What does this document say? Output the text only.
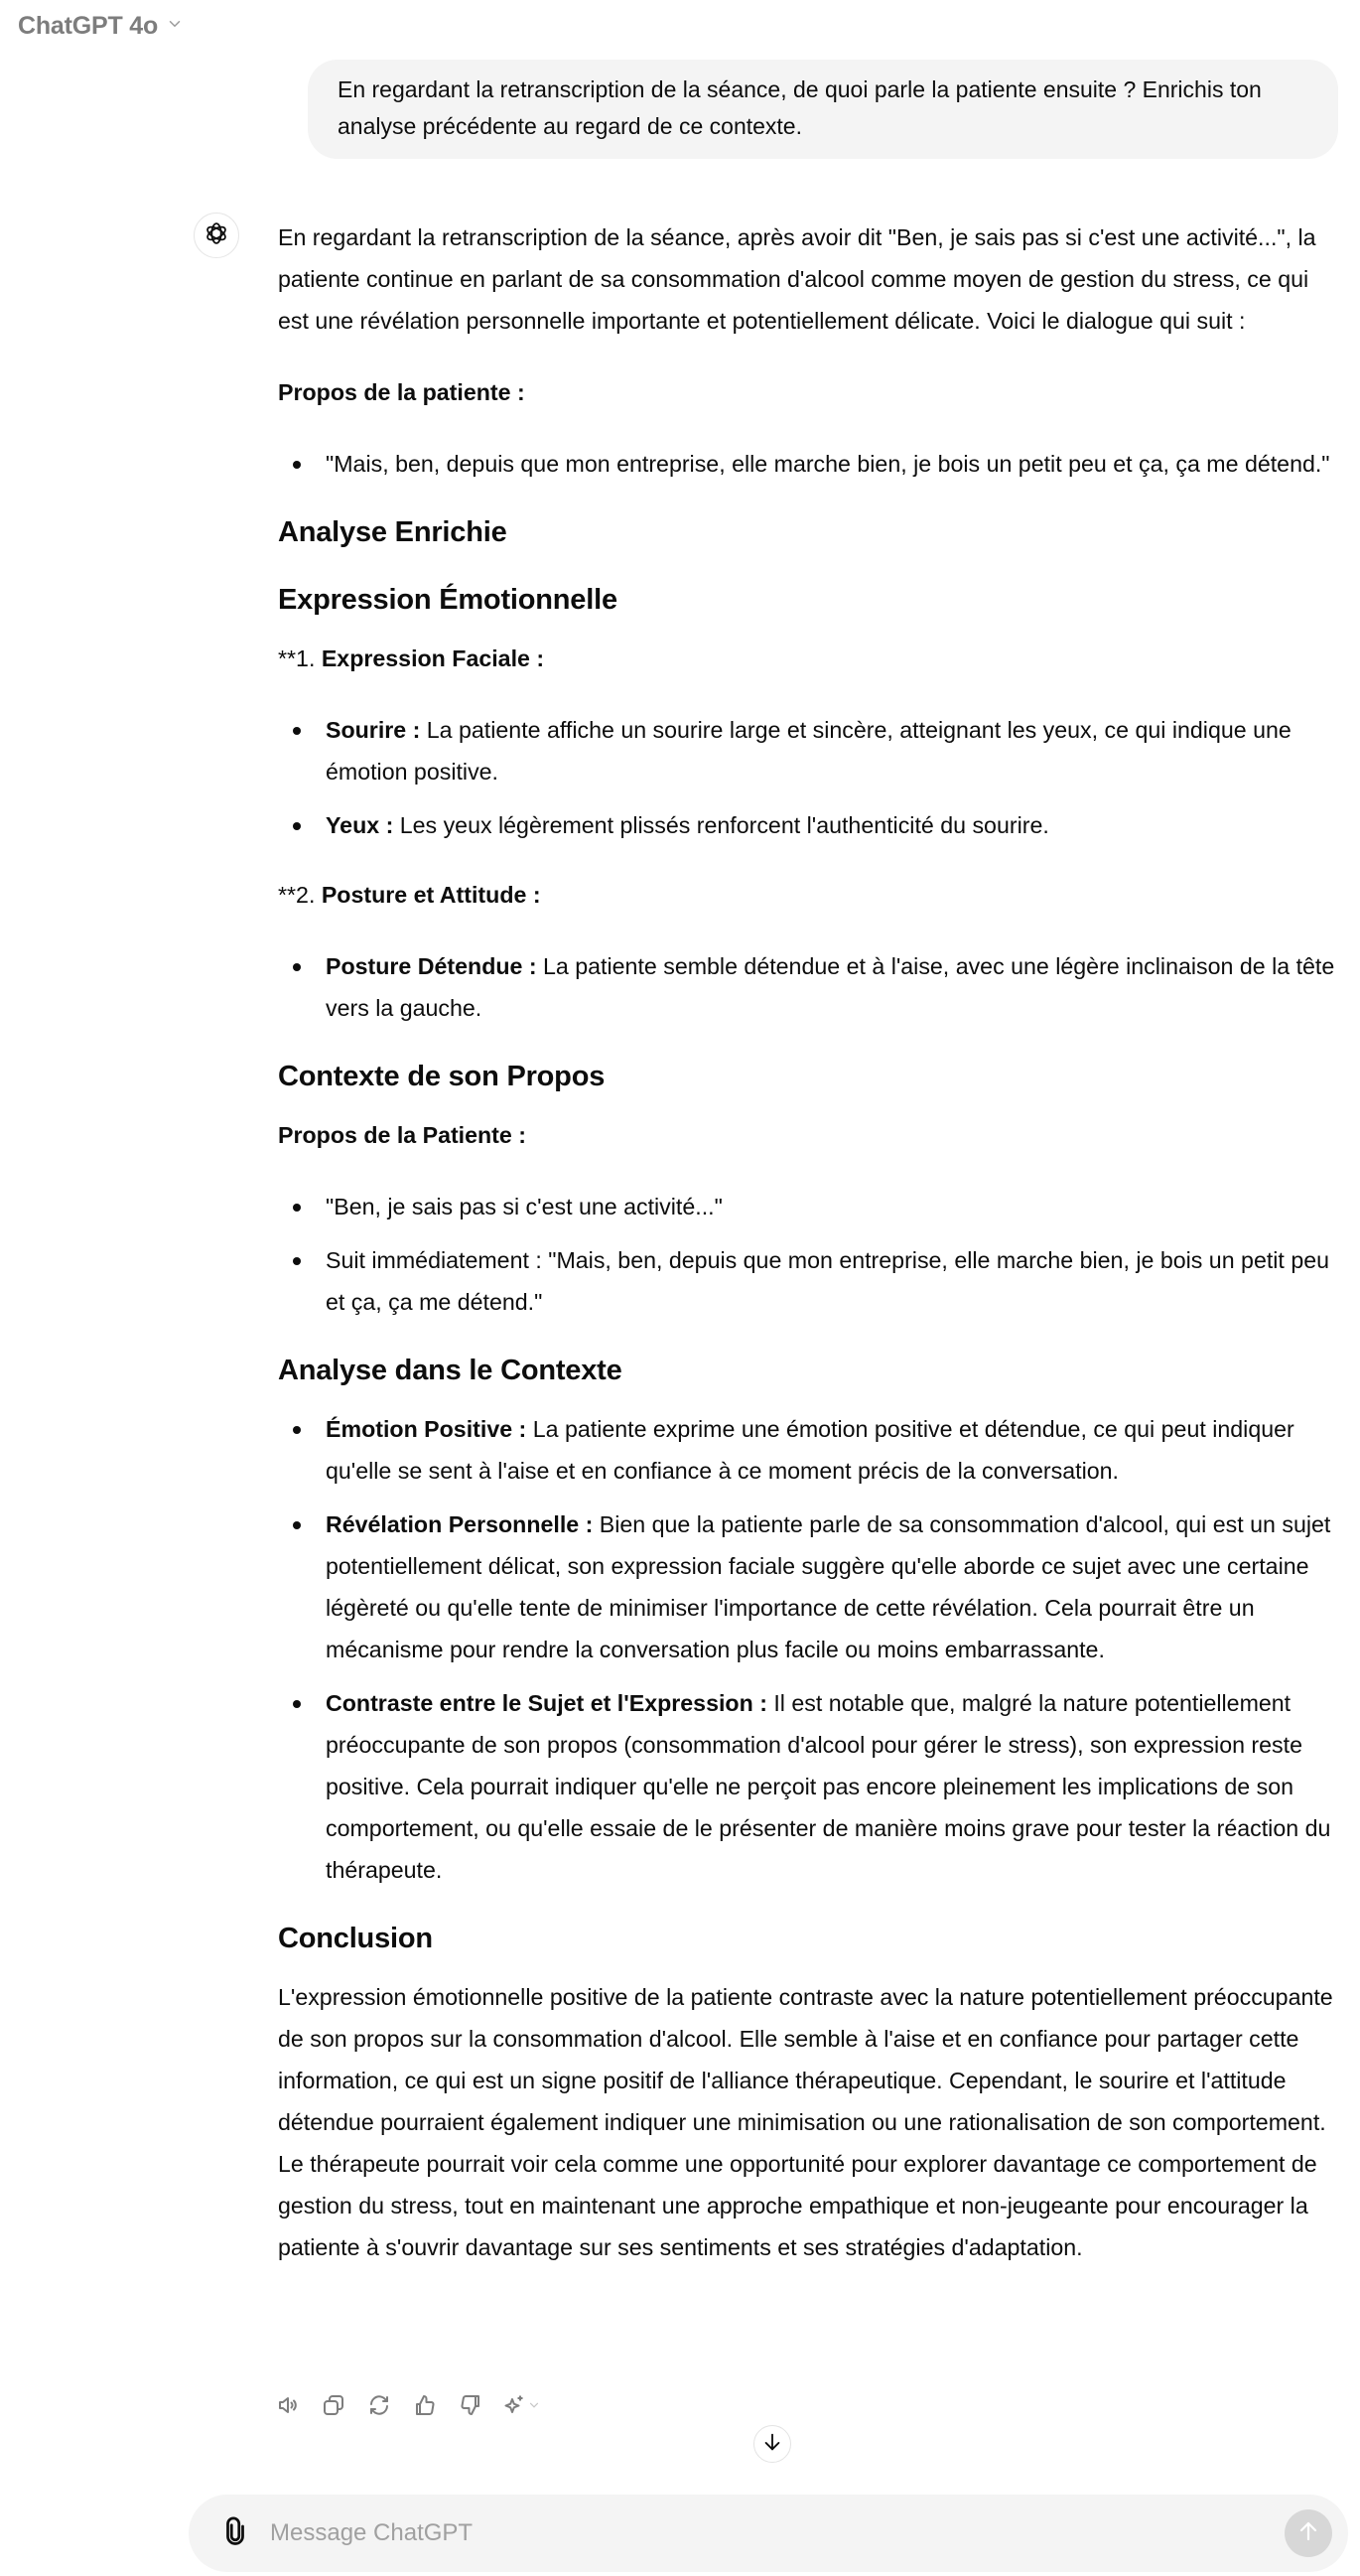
ChatGPT 4o
En regardant la retranscription de la séance, de quoi parle la patiente ensuite ? Enrichis ton analyse précédente au regard de ce contexte.

En regardant la retranscription de la séance, après avoir dit "Ben, je sais pas si c'est une activité...", la patiente continue en parlant de sa consommation d'alcool comme moyen de gestion du stress, ce qui est une révélation personnelle importante et potentiellement délicate. Voici le dialogue qui suit :

Propos de la patiente :

"Mais, ben, depuis que mon entreprise, elle marche bien, je bois un petit peu et ça, ça me détend."
Analyse Enrichie
Expression Émotionnelle

**1. Expression Faciale :

Sourire : La patiente affiche un sourire large et sincère, atteignant les yeux, ce qui indique une émotion positive.
Yeux : Les yeux légèrement plissés renforcent l'authenticité du sourire.

**2. Posture et Attitude :

Posture Détendue : La patiente semble détendue et à l'aise, avec une légère inclinaison de la tête vers la gauche.
Contexte de son Propos

Propos de la Patiente :

"Ben, je sais pas si c'est une activité..."
Suit immédiatement : "Mais, ben, depuis que mon entreprise, elle marche bien, je bois un petit peu et ça, ça me détend."
Analyse dans le Contexte
Émotion Positive : La patiente exprime une émotion positive et détendue, ce qui peut indiquer qu'elle se sent à l'aise et en confiance à ce moment précis de la conversation.
Révélation Personnelle : Bien que la patiente parle de sa consommation d'alcool, qui est un sujet potentiellement délicat, son expression faciale suggère qu'elle aborde ce sujet avec une certaine légèreté ou qu'elle tente de minimiser l'importance de cette révélation. Cela pourrait être un mécanisme pour rendre la conversation plus facile ou moins embarrassante.
Contraste entre le Sujet et l'Expression : Il est notable que, malgré la nature potentiellement préoccupante de son propos (consommation d'alcool pour gérer le stress), son expression reste positive. Cela pourrait indiquer qu'elle ne perçoit pas encore pleinement les implications de son comportement, ou qu'elle essaie de le présenter de manière moins grave pour tester la réaction du thérapeute.
Conclusion

L'expression émotionnelle positive de la patiente contraste avec la nature potentiellement préoccupante de son propos sur la consommation d'alcool. Elle semble à l'aise et en confiance pour partager cette information, ce qui est un signe positif de l'alliance thérapeutique. Cependant, le sourire et l'attitude détendue pourraient également indiquer une minimisation ou une rationalisation de son comportement. Le thérapeute pourrait voir cela comme une opportunité pour explorer davantage ce comportement de gestion du stress, tout en maintenant une approche empathique et non-jeugeante pour encourager la patiente à s'ouvrir davantage sur ses sentiments et ses stratégies d'adaptation.

Message ChatGPT
